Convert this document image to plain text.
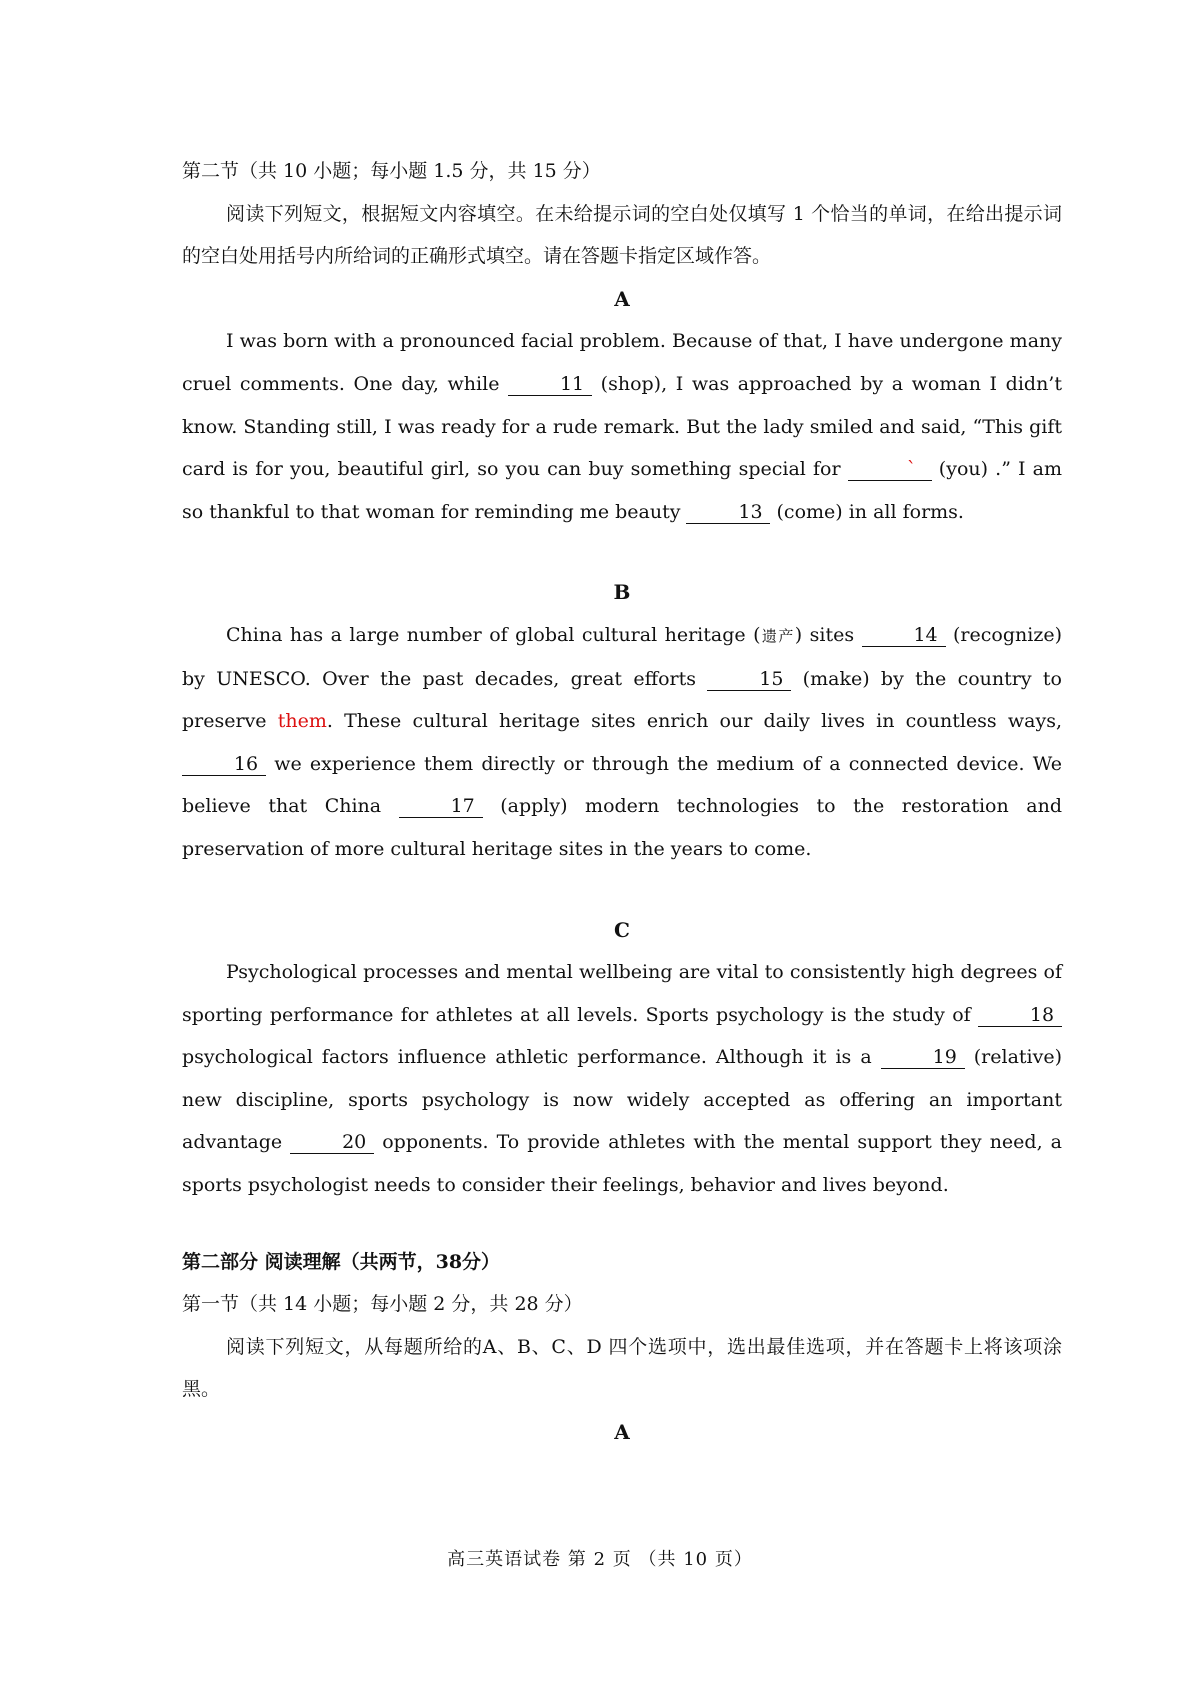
第二节（共 10 小题；每小题 1.5 分，共 15 分）
阅读下列短文，根据短文内容填空。在未给提示词的空白处仅填写 1 个恰当的单词，在给出提示词的空白处用括号内所给词的正确形式填空。请在答题卡指定区域作答。
A
I was born with a pronounced facial problem. Because of that, I have undergone many cruel comments. One day, while	11 (shop), I was approached by a woman I didn’t know. Standing still, I was ready for a rude remark. But the lady smiled and said, “This gift card is for you, beautiful girl, so you can buy something special for	` (you) .” I am so thankful to that woman for reminding me beauty	13 (come) in all forms.
B
China has a large number of global cultural heritage (遗产) sites	14 (recognize) by UNESCO. Over the past decades, great efforts	15 (make) by the country to preserve them. These cultural heritage sites enrich our daily lives in countless ways, 16 we experience them directly or through the medium of a connected device. We believe that China	17 (apply) modern technologies to the restoration and preservation of more cultural heritage sites in the years to come.
C
Psychological processes and mental wellbeing are vital to consistently high degrees of sporting performance for athletes at all levels. Sports psychology is the study of	18 psychological factors influence athletic performance. Although it is a	19 (relative) new discipline, sports psychology is now widely accepted as offering an important advantage	20 opponents. To provide athletes with the mental support they need, a sports psychologist needs to consider their feelings, behavior and lives beyond.
第二部分 阅读理解（共两节，38分）
第一节（共 14 小题；每小题 2 分，共 28 分）
阅读下列短文，从每题所给的A、B、C、D 四个选项中，选出最佳选项，并在答题卡上将该项涂黑。
A
高三英语试卷 第 2 页 （共 10 页）
